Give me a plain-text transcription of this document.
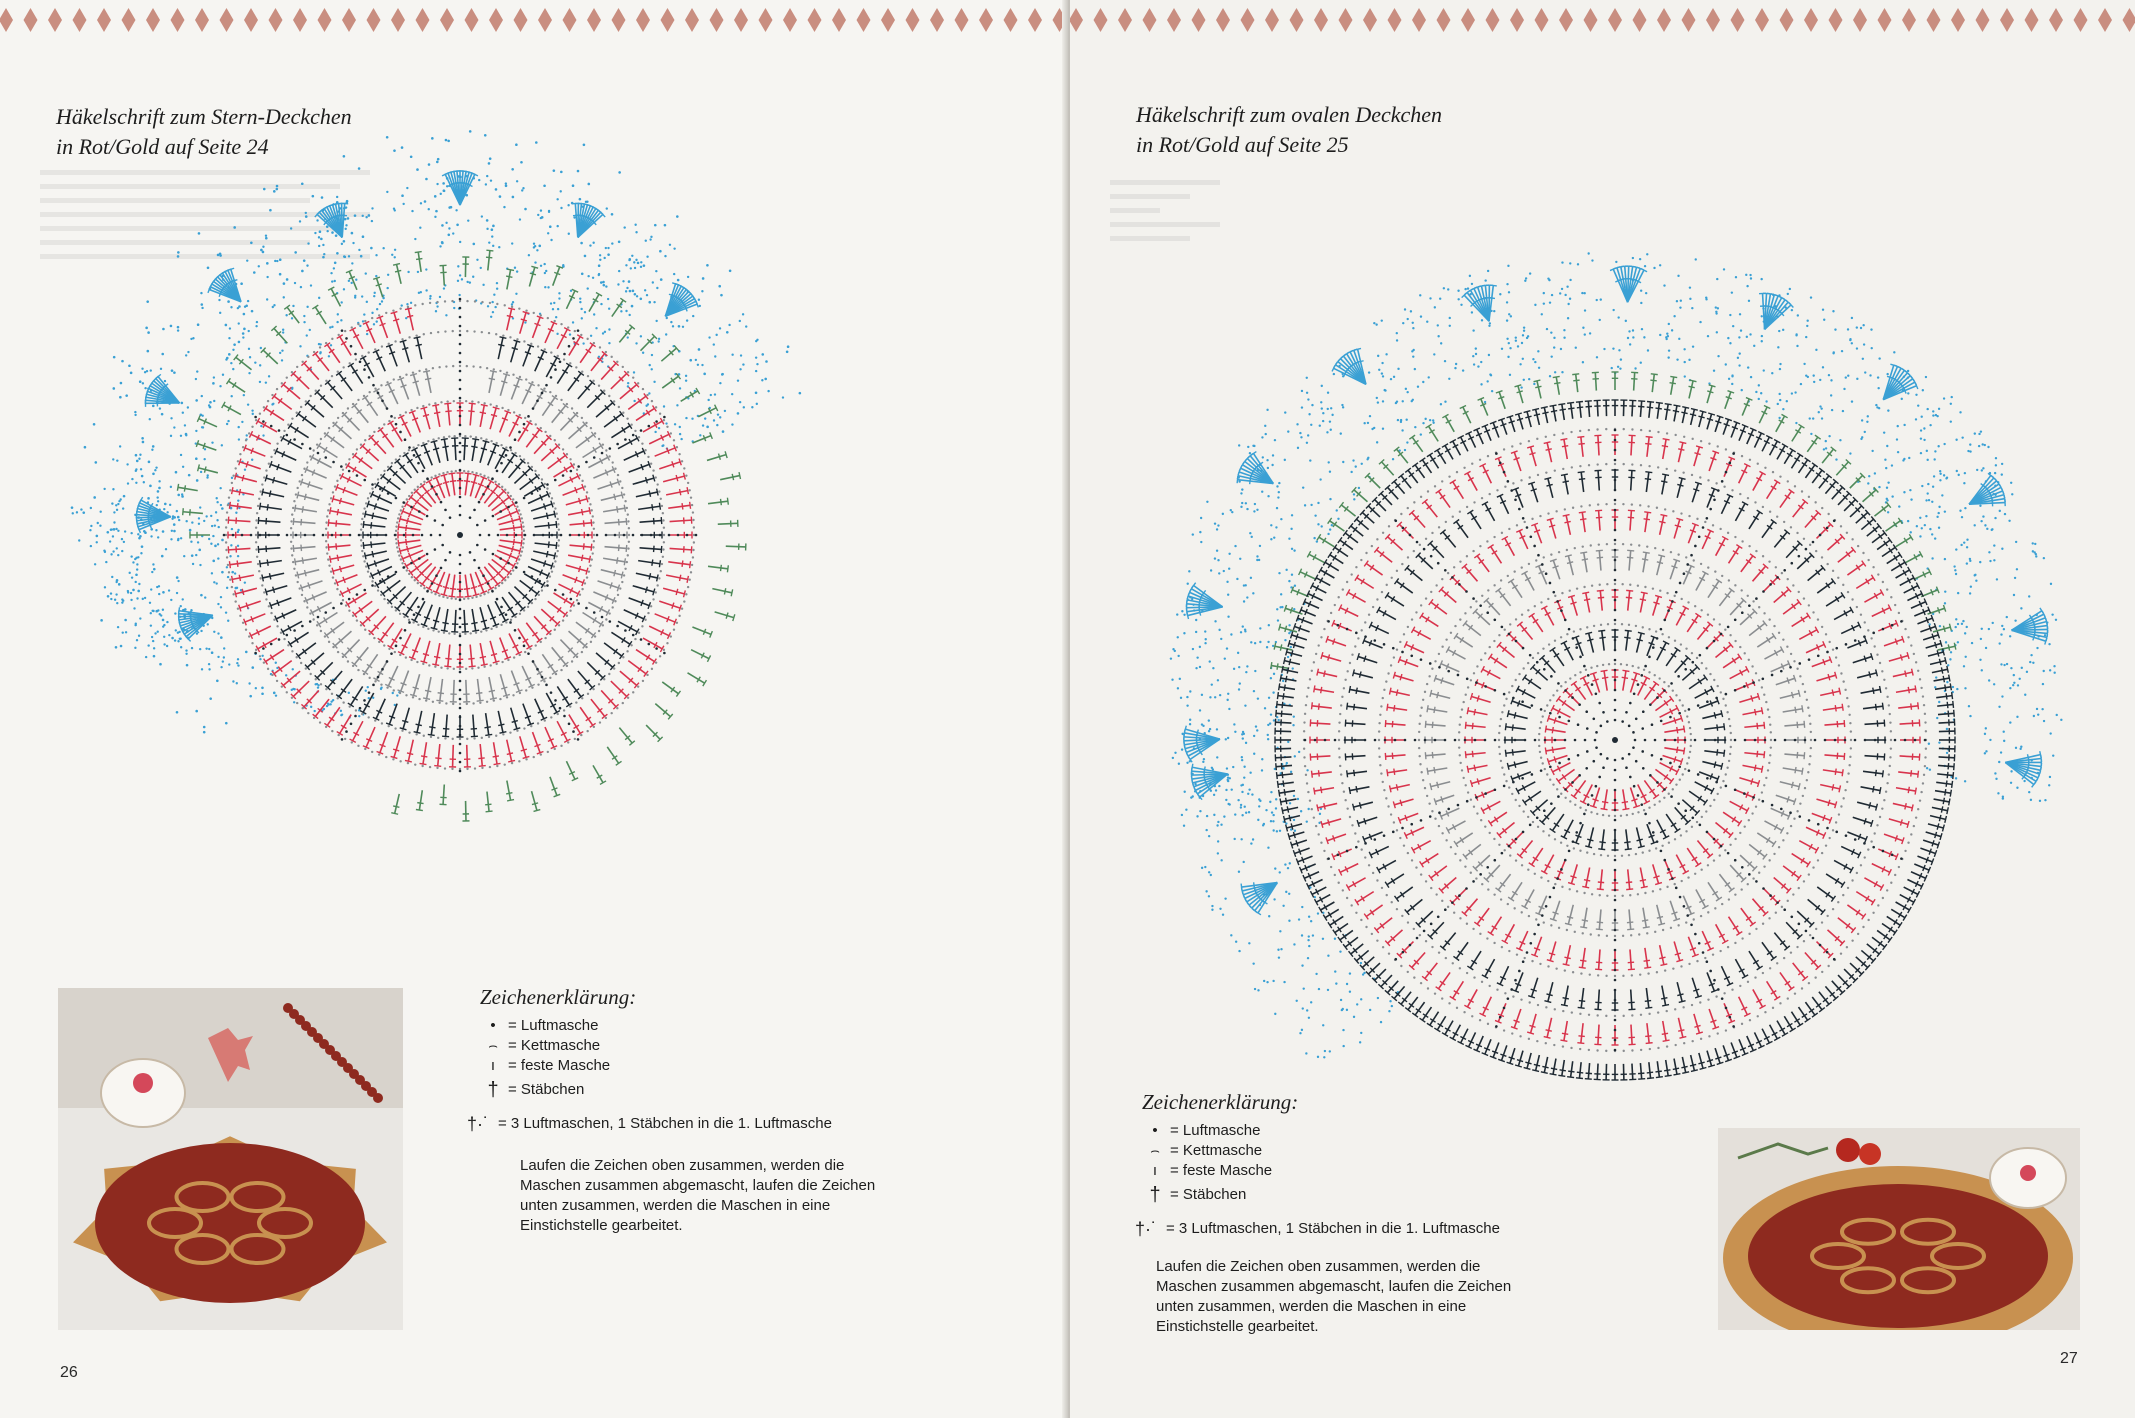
Häkelschrift zum Stern-Deckchen
in Rot/Gold auf Seite 24
Zeichenerklärung:
• = Luftmasche
⌢ = Kettmasche
ı = feste Masche
† = Stäbchen
†·˙ = 3 Luftmaschen, 1 Stäbchen in die 1. Luftmasche
Laufen die Zeichen oben zusammen, werden die Maschen zusammen abgemascht, laufen die Zeichen unten zusammen, werden die Maschen in eine Einstichstelle gearbeitet.
26
Häkelschrift zum ovalen Deckchen
in Rot/Gold auf Seite 25
Zeichenerklärung:
• = Luftmasche
⌢ = Kettmasche
ı = feste Masche
† = Stäbchen
†·˙ = 3 Luftmaschen, 1 Stäbchen in die 1. Luftmasche
Laufen die Zeichen oben zusammen, werden die Maschen zusammen abgemascht, laufen die Zeichen unten zusammen, werden die Maschen in eine Einstichstelle gearbeitet.
27
